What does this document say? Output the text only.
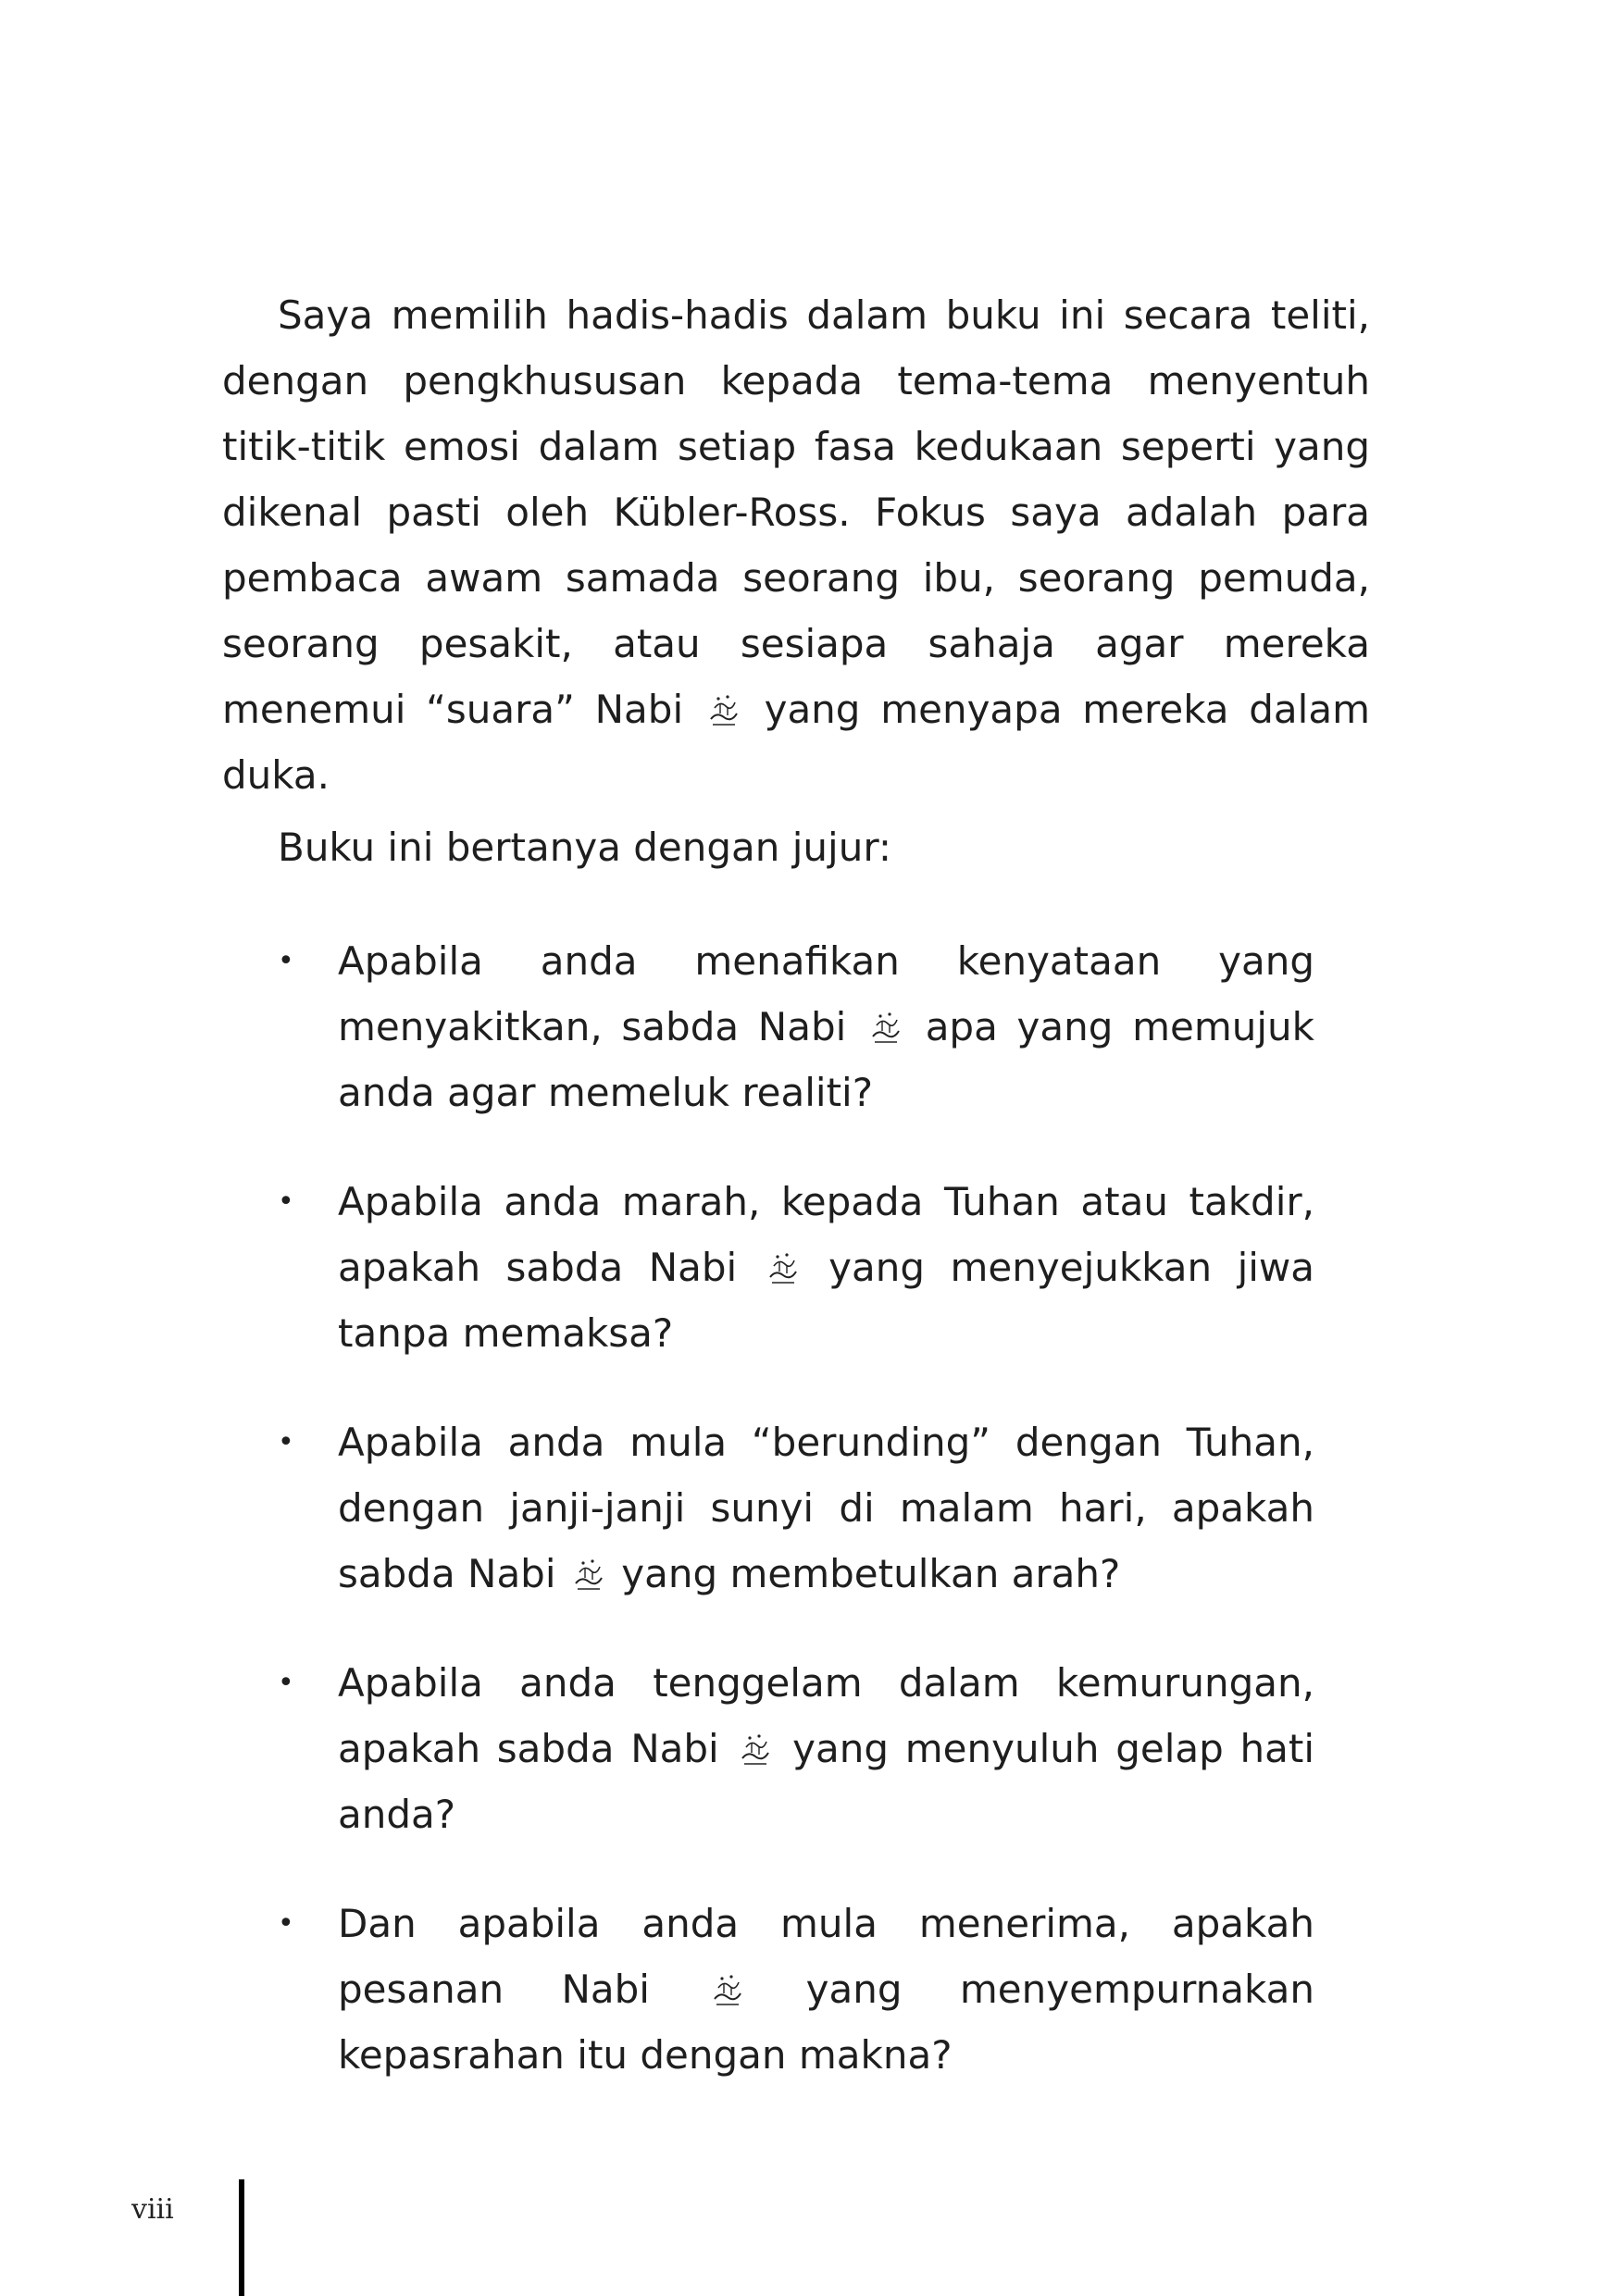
Saya memilih hadis-hadis dalam buku ini secara teliti, dengan pengkhususan kepada tema-tema menyentuh titik-titik emosi dalam setiap fasa kedukaan seperti yang dikenal pasti oleh Kübler-Ross. Fokus saya adalah para pembaca awam samada seorang ibu, seorang pemuda, seorang pesakit, atau sesiapa sahaja agar mereka menemui “suara” Nabi yang menyapa mereka dalam duka.

Buku ini bertanya dengan jujur:

• Apabila anda menafikan kenyataan yang menyakitkan, sabda Nabi apa yang memujuk anda agar memeluk realiti?
• Apabila anda marah, kepada Tuhan atau takdir, apakah sabda Nabi yang menyejukkan jiwa tanpa memaksa?
• Apabila anda mula “berunding” dengan Tuhan, dengan janji-janji sunyi di malam hari, apakah sabda Nabi yang membetulkan arah?
• Apabila anda tenggelam dalam kemurungan, apakah sabda Nabi yang menyuluh gelap hati anda?
• Dan apabila anda mula menerima, apakah pesanan Nabi	yang menyempurnakan kepasrahan itu dengan makna?
viii
